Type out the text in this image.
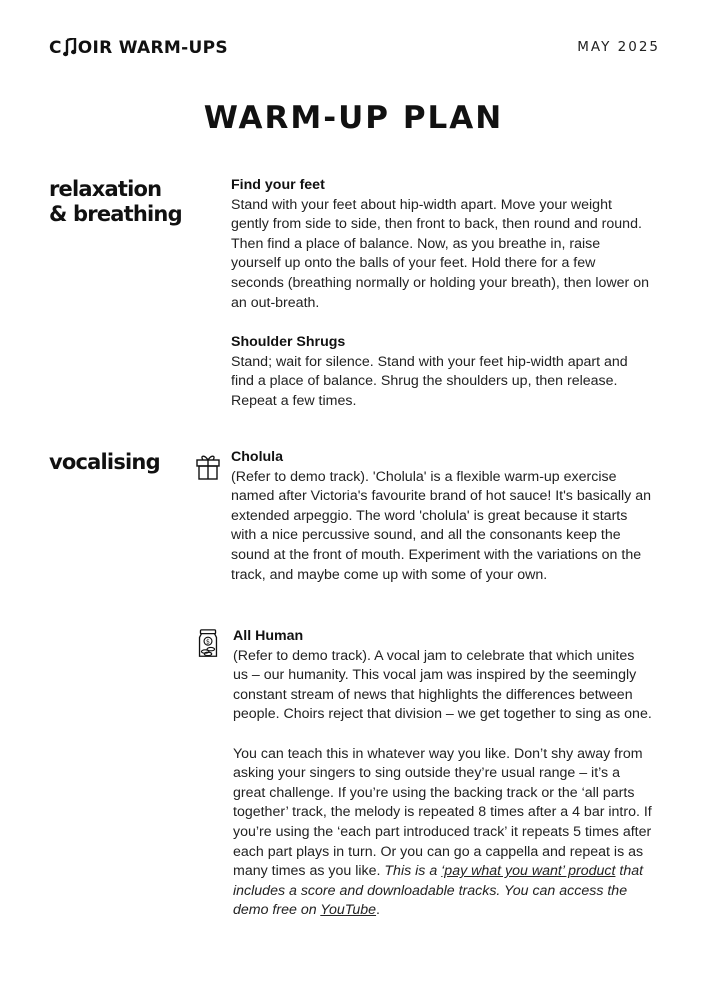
C OIR WARM-UPS	MAY 2025
WARM-UP PLAN
relaxation
& breathing
Find your feet
Stand with your feet about hip-width apart. Move your weight gently from side to side, then front to back, then round and round. Then find a place of balance. Now, as you breathe in, raise yourself up onto the balls of your feet. Hold there for a few seconds (breathing normally or holding your breath), then lower on an out-breath.
Shoulder Shrugs
Stand; wait for silence. Stand with your feet hip-width apart and find a place of balance. Shrug the shoulders up, then release. Repeat a few times.
vocalising	Cholula
(Refer to demo track). 'Cholula' is a flexible warm-up exercise named after Victoria's favourite brand of hot sauce! It's basically an extended arpeggio. The word 'cholula' is great because it starts with a nice percussive sound, and all the consonants keep the sound at the front of mouth. Experiment with the variations on the track, and maybe come up with some of your own.
$ All Human
(Refer to demo track). A vocal jam to celebrate that which unites us – our humanity. This vocal jam was inspired by the seemingly constant stream of news that highlights the differences between people. Choirs reject that division – we get together to sing as one.
You can teach this in whatever way you like. Don’t shy away from asking your singers to sing outside they’re usual range – it’s a great challenge. If you’re using the backing track or the ‘all parts together’ track, the melody is repeated 8 times after a 4 bar intro. If you’re using the ‘each part introduced track’ it repeats 5 times after each part plays in turn. Or you can go a cappella and repeat is as many times as you like. This is a ‘pay what you want’ product that includes a score and downloadable tracks. You can access the demo free on YouTube.
